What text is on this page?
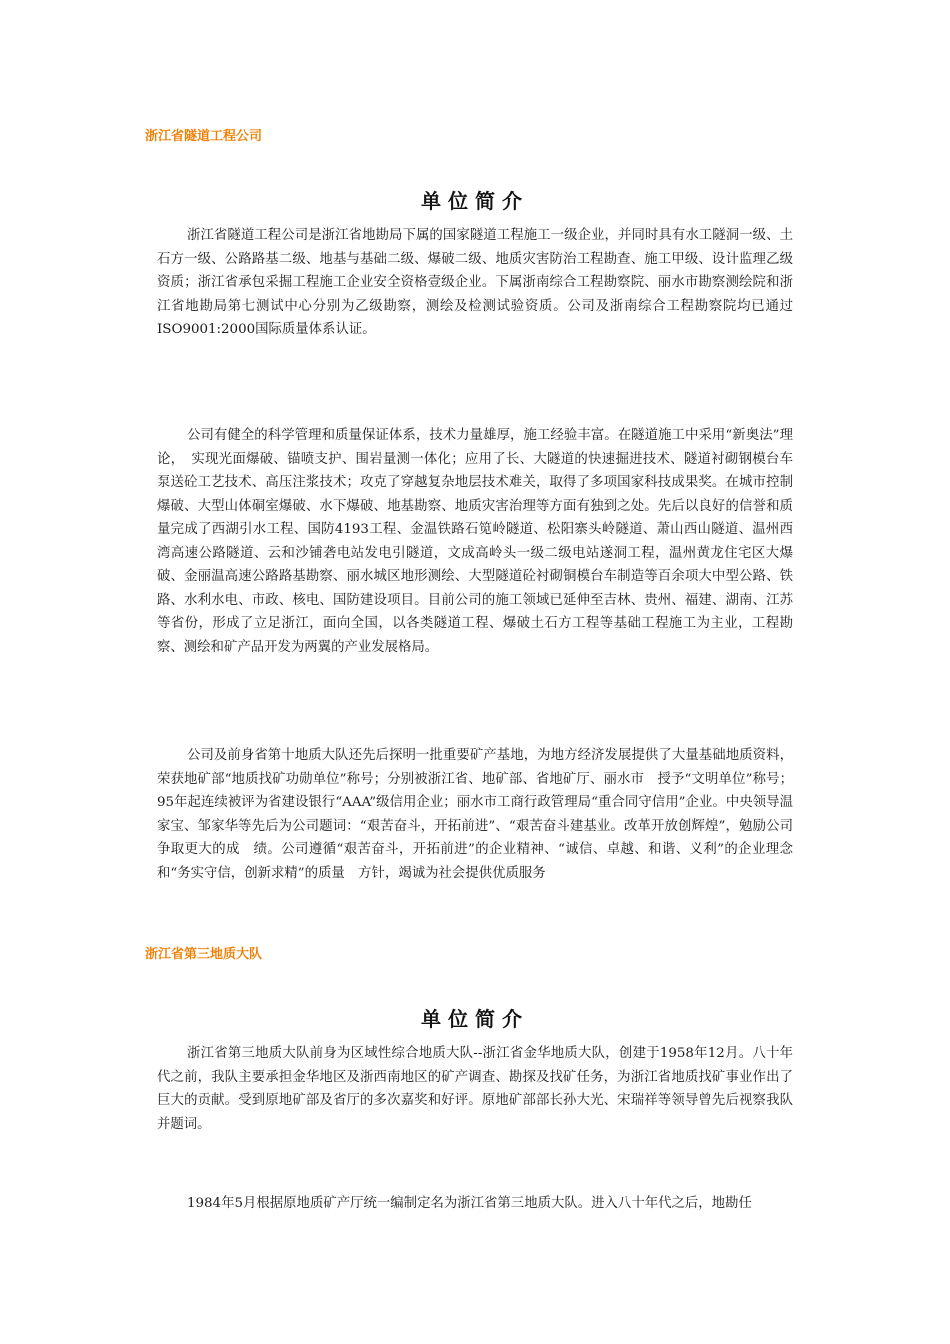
浙江省隧道工程公司
单位简介

浙江省隧道工程公司是浙江省地勘局下属的国家隧道工程施工一级企业，并同时具有水工隧洞一级、土石方一级、公路路基二级、地基与基础二级、爆破二级、地质灾害防治工程勘查、施工甲级、设计监理乙级资质；浙江省承包采掘工程施工企业安全资格壹级企业。下属浙南综合工程勘察院、丽水市勘察测绘院和浙江省地勘局第七测试中心分别为乙级勘察，测绘及检测试验资质。公司及浙南综合工程勘察院均已通过ISO9001:2000国际质量体系认证。

公司有健全的科学管理和质量保证体系，技术力量雄厚，施工经验丰富。在隧道施工中采用“新奥法”理论，　实现光面爆破、锚喷支护、围岩量测一体化；应用了长、大隧道的快速掘进技术、隧道衬砌钢模台车泵送砼工艺技术、高压注浆技术；攻克了穿越复杂地层技术难关，取得了多项国家科技成果奖。在城市控制爆破、大型山体硐室爆破、水下爆破、地基勘察、地质灾害治理等方面有独到之处。先后以良好的信誉和质量完成了西湖引水工程、国防4193工程、金温铁路石笕岭隧道、松阳寨头岭隧道、萧山西山隧道、温州西湾高速公路隧道、云和沙铺砻电站发电引隧道，文成高岭头一级二级电站遂洞工程，温州黄龙住宅区大爆破、金丽温高速公路路基勘察、丽水城区地形测绘、大型隧道砼衬砌铜模台车制造等百余项大中型公路、铁路、水利水电、市政、核电、国防建设项目。目前公司的施工领域已延伸至吉林、贵州、福建、湖南、江苏等省份，形成了立足浙江，面向全国，以各类隧道工程、爆破土石方工程等基础工程施工为主业，工程勘察、测绘和矿产品开发为两翼的产业发展格局。

公司及前身省第十地质大队还先后探明一批重要矿产基地，为地方经济发展提供了大量基础地质资料，荣获地矿部“地质找矿功勋单位”称号；分别被浙江省、地矿部、省地矿厅、丽水市　授予“文明单位”称号；95年起连续被评为省建设银行“AAA”级信用企业；丽水市工商行政管理局“重合同守信用”企业。中央领导温家宝、邹家华等先后为公司题词：“艰苦奋斗，开拓前进”、“艰苦奋斗建基业。改革开放创辉煌”，勉励公司争取更大的成　绩。公司遵循“艰苦奋斗，开拓前进”的企业精神、“诚信、卓越、和谐、义利”的企业理念和“务实守信，创新求精”的质量　方针，竭诚为社会提供优质服务

浙江省第三地质大队
单位简介

浙江省第三地质大队前身为区域性综合地质大队--浙江省金华地质大队，创建于1958年12月。八十年代之前，我队主要承担金华地区及浙西南地区的矿产调查、勘探及找矿任务，为浙江省地质找矿事业作出了巨大的贡献。受到原地矿部及省厅的多次嘉奖和好评。原地矿部部长孙大光、宋瑞祥等领导曾先后视察我队并题词。

1984年5月根据原地质矿产厅统一编制定名为浙江省第三地质大队。进入八十年代之后，地勘任
